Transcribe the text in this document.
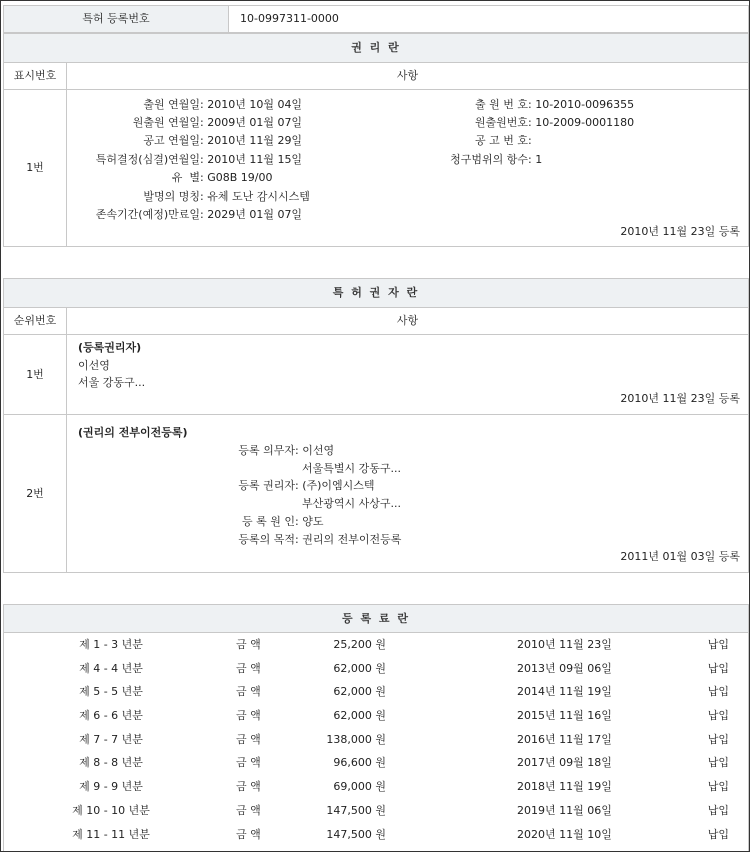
특허 등록번호	10-0997311-0000
권 리 란
표시번호	사항
1번
출원 연월일 : 2010년 10월 04일
원출원 연월일 : 2009년 01월 07일
공고 연월일 : 2010년 11월 29일
특허결정(심결)연월일 : 2010년 11월 15일
유  별 : G08B 19/00
발명의 명칭 : 유체 도난 감시시스템
존속기간(예정)만료일 : 2029년 01월 07일
출 원 번 호 : 10-2010-0096355
원출원번호 : 10-2009-0001180
공 고 번 호 :
청구범위의 항수 : 1
2010년 11월 23일 등록
특 허 권 자 란
순위번호	사항
1번
(등록권리자)
이선영
서울 강동구...
2010년 11월 23일 등록
2번
(권리의 전부이전등록)
등록 의무자 : 이선영
서울특별시 강동구...
등록 권리자 : (주)이엠시스텍
부산광역시 사상구...
등 록 원 인 : 양도
등록의 목적 : 권리의 전부이전등록
2011년 01월 03일 등록
등 록 료 란
제 1 - 3 년분	금 액	25,200 원	2010년 11월 23일	납입
제 4 - 4 년분	금 액	62,000 원	2013년 09월 06일	납입
제 5 - 5 년분	금 액	62,000 원	2014년 11월 19일	납입
제 6 - 6 년분	금 액	62,000 원	2015년 11월 16일	납입
제 7 - 7 년분	금 액	138,000 원	2016년 11월 17일	납입
제 8 - 8 년분	금 액	96,600 원	2017년 09월 18일	납입
제 9 - 9 년분	금 액	69,000 원	2018년 11월 19일	납입
제 10 - 10 년분	금 액	147,500 원	2019년 11월 06일	납입
제 11 - 11 년분	금 액	147,500 원	2020년 11월 10일	납입
